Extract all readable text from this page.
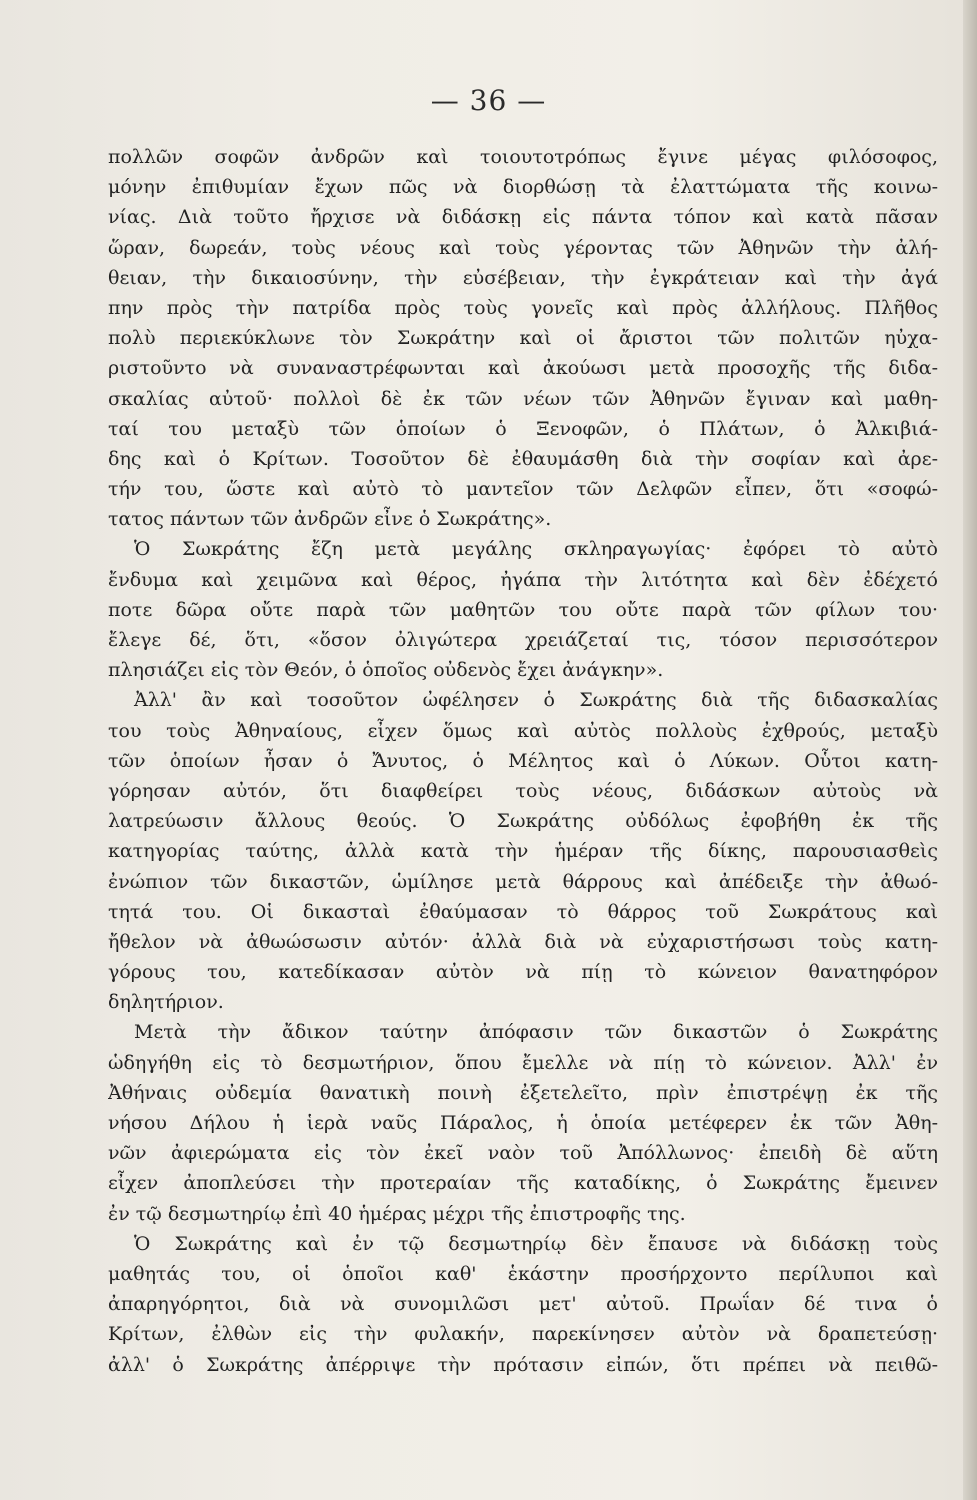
— 36 —
πολλῶν σοφῶν ἀνδρῶν καὶ τοιουτοτρόπως ἔγινε μέγας φιλόσοφος,
μόνην ἐπιθυμίαν ἔχων πῶς νὰ διορθώσῃ τὰ ἐλαττώματα τῆς κοινω-
νίας. Διὰ τοῦτο ἤρχισε νὰ διδάσκῃ εἰς πάντα τόπον καὶ κατὰ πᾶσαν
ὥραν, δωρεάν, τοὺς νέους καὶ τοὺς γέροντας τῶν Ἀθηνῶν τὴν ἀλή-
θειαν, τὴν δικαιοσύνην, τὴν εὐσέβειαν, τὴν ἐγκράτειαν καὶ τὴν ἀγά
πην πρὸς τὴν πατρίδα πρὸς τοὺς γονεῖς καὶ πρὸς ἀλλήλους. Πλῆθος
πολὺ περιεκύκλωνε τὸν Σωκράτην καὶ οἱ ἄριστοι τῶν πολιτῶν ηὐχα-
ριστοῦντο νὰ συναναστρέφωνται καὶ ἀκούωσι μετὰ προσοχῆς τῆς διδα-
σκαλίας αὐτοῦ· πολλοὶ δὲ ἐκ τῶν νέων τῶν Ἀθηνῶν ἔγιναν καὶ μαθη-
ταί του μεταξὺ τῶν ὁποίων ὁ Ξενοφῶν, ὁ Πλάτων, ὁ Ἀλκιβιά-
δης καὶ ὁ Κρίτων. Τοσοῦτον δὲ ἐθαυμάσθη διὰ τὴν σοφίαν καὶ ἀρε-
τήν του, ὥστε καὶ αὐτὸ τὸ μαντεῖον τῶν Δελφῶν εἶπεν, ὅτι «σοφώ-
τατος πάντων τῶν ἀνδρῶν εἶνε ὁ Σωκράτης».
Ὁ Σωκράτης ἔζη μετὰ μεγάλης σκληραγωγίας· ἐφόρει τὸ αὐτὸ
ἔνδυμα καὶ χειμῶνα καὶ θέρος, ἠγάπα τὴν λιτότητα καὶ δὲν ἐδέχετό
ποτε δῶρα οὔτε παρὰ τῶν μαθητῶν του οὔτε παρὰ τῶν φίλων του·
ἔλεγε δέ, ὅτι, «ὅσον ὀλιγώτερα χρειάζεταί τις, τόσον περισσότερον
πλησιάζει εἰς τὸν Θεόν, ὁ ὁποῖος οὐδενὸς ἔχει ἀνάγκην».
Ἀλλ' ἂν καὶ τοσοῦτον ὠφέλησεν ὁ Σωκράτης διὰ τῆς διδασκαλίας
του τοὺς Ἀθηναίους, εἶχεν ὅμως καὶ αὐτὸς πολλοὺς ἐχθρούς, μεταξὺ
τῶν ὁποίων ἦσαν ὁ Ἄνυτος, ὁ Μέλητος καὶ ὁ Λύκων. Οὗτοι κατη-
γόρησαν αὐτόν, ὅτι διαφθείρει τοὺς νέους, διδάσκων αὐτοὺς νὰ
λατρεύωσιν ἄλλους θεούς. Ὁ Σωκράτης οὐδόλως ἐφοβήθη ἐκ τῆς
κατηγορίας ταύτης, ἀλλὰ κατὰ τὴν ἡμέραν τῆς δίκης, παρουσιασθεὶς
ἐνώπιον τῶν δικαστῶν, ὡμίλησε μετὰ θάρρους καὶ ἀπέδειξε τὴν ἀθωό-
τητά του. Οἱ δικασταὶ ἐθαύμασαν τὸ θάρρος τοῦ Σωκράτους καὶ
ἤθελον νὰ ἀθωώσωσιν αὐτόν· ἀλλὰ διὰ νὰ εὐχαριστήσωσι τοὺς κατη-
γόρους του, κατεδίκασαν αὐτὸν νὰ πίῃ τὸ κώνειον θανατηφόρον
δηλητήριον.
Μετὰ τὴν ἄδικον ταύτην ἀπόφασιν τῶν δικαστῶν ὁ Σωκράτης
ὡδηγήθη εἰς τὸ δεσμωτήριον, ὅπου ἔμελλε νὰ πίῃ τὸ κώνειον. Ἀλλ' ἐν
Ἀθήναις οὐδεμία θανατικὴ ποινὴ ἐξετελεῖτο, πρὶν ἐπιστρέψῃ ἐκ τῆς
νήσου Δήλου ἡ ἱερὰ ναῦς Πάραλος, ἡ ὁποία μετέφερεν ἐκ τῶν Ἀθη-
νῶν ἀφιερώματα εἰς τὸν ἐκεῖ ναὸν τοῦ Ἀπόλλωνος· ἐπειδὴ δὲ αὕτη
εἶχεν ἀποπλεύσει τὴν προτεραίαν τῆς καταδίκης, ὁ Σωκράτης ἔμεινεν
ἐν τῷ δεσμωτηρίῳ ἐπὶ 40 ἡμέρας μέχρι τῆς ἐπιστροφῆς της.
Ὁ Σωκράτης καὶ ἐν τῷ δεσμωτηρίῳ δὲν ἔπαυσε νὰ διδάσκῃ τοὺς
μαθητάς του, οἱ ὁποῖοι καθ' ἑκάστην προσήρχοντο περίλυποι καὶ
ἀπαρηγόρητοι, διὰ νὰ συνομιλῶσι μετ' αὐτοῦ. Πρωΐαν δέ τινα ὁ
Κρίτων, ἐλθὼν εἰς τὴν φυλακήν, παρεκίνησεν αὐτὸν νὰ δραπετεύσῃ·
ἀλλ' ὁ Σωκράτης ἀπέρριψε τὴν πρότασιν εἰπών, ὅτι πρέπει νὰ πειθῶ-
